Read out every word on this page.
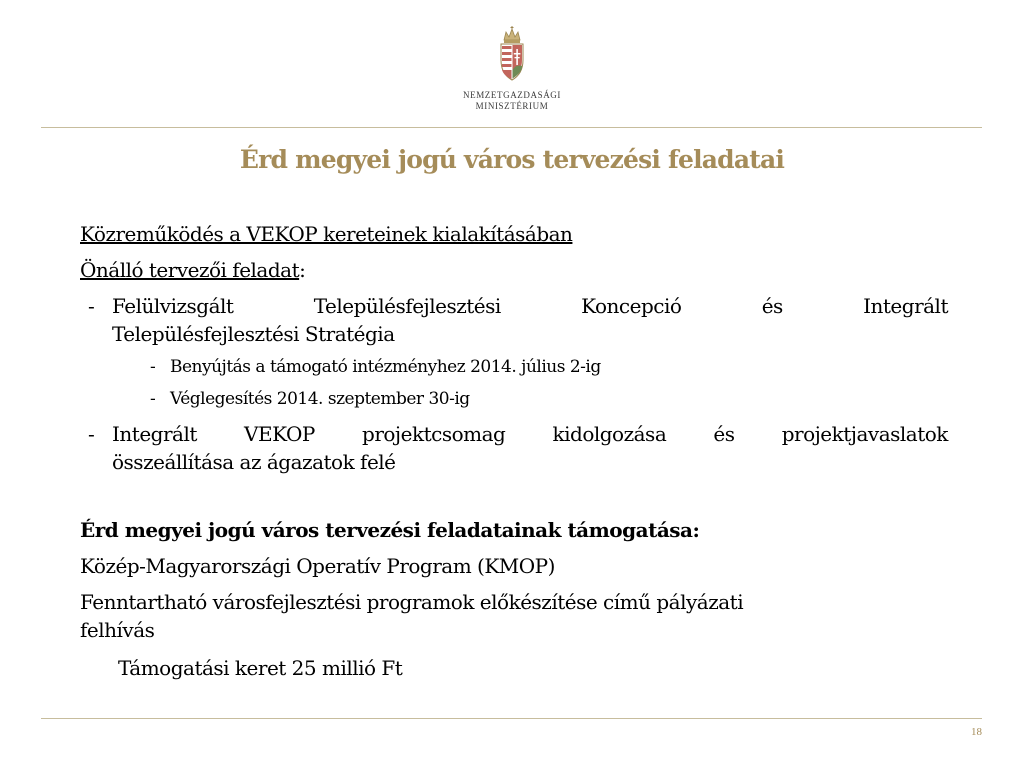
NEMZETGAZDASÁGI
MINISZTÉRIUM
Érd megyei jogú város tervezési feladatai
Közreműködés a VEKOP kereteinek kialakításában
Önálló tervezői feladat:
- Felülvizsgált	Településfejlesztési	Koncepció	és	Integrált
Településfejlesztési Stratégia
- Benyújtás a támogató intézményhez 2014. július 2-ig
- Véglegesítés 2014. szeptember 30-ig
- Integrált VEKOP projektcsomag kidolgozása és projektjavaslatok
összeállítása az ágazatok felé
Érd megyei jogú város tervezési feladatainak támogatása:
Közép-Magyarországi Operatív Program (KMOP)
Fenntartható városfejlesztési programok előkészítése című pályázati
felhívás
Támogatási keret 25 millió Ft
18
